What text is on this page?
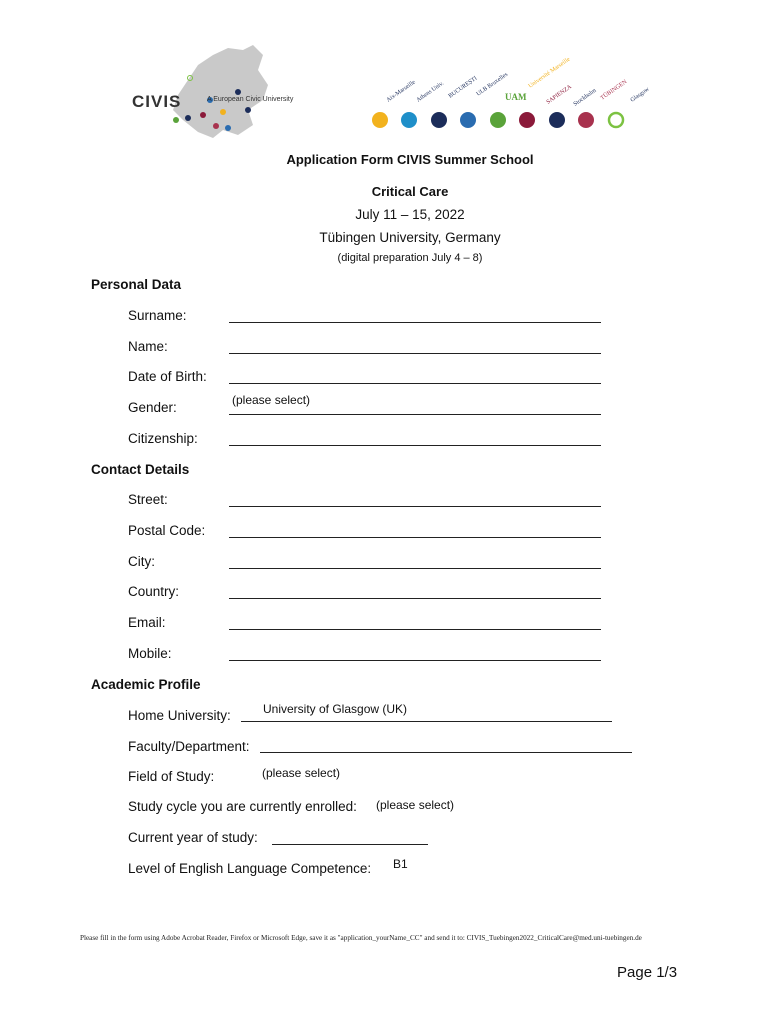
CIVIS	A European Civic University	Aix-Marseille
Athens Univ. BUCUREȘTI
ULB Bruxelles
UAM
Université Marseille
SAPIENZA Stockholm TÜBINGEN Glasgow
Application Form CIVIS Summer School
Critical Care
July 11 – 15, 2022
Tübingen University, Germany
(digital preparation July 4 – 8)
Personal Data
Surname:
Name:
Date of Birth:
Gender:	(please select)
Citizenship:
Contact Details
Street:
Postal Code:
City:
Country:
Email:
Mobile:
Academic Profile
Home University:	University of Glasgow (UK)
Faculty/Department:
Field of Study:	(please select)
Study cycle you are currently enrolled: (please select)
Current year of study:
Level of English Language Competence: B1
Please fill in the form using Adobe Acrobat Reader, Firefox or Microsoft Edge, save it as "application_yourName_CC" and send it to: CIVIS_Tuebingen2022_CriticalCare@med.uni-tuebingen.de
Page 1/3
